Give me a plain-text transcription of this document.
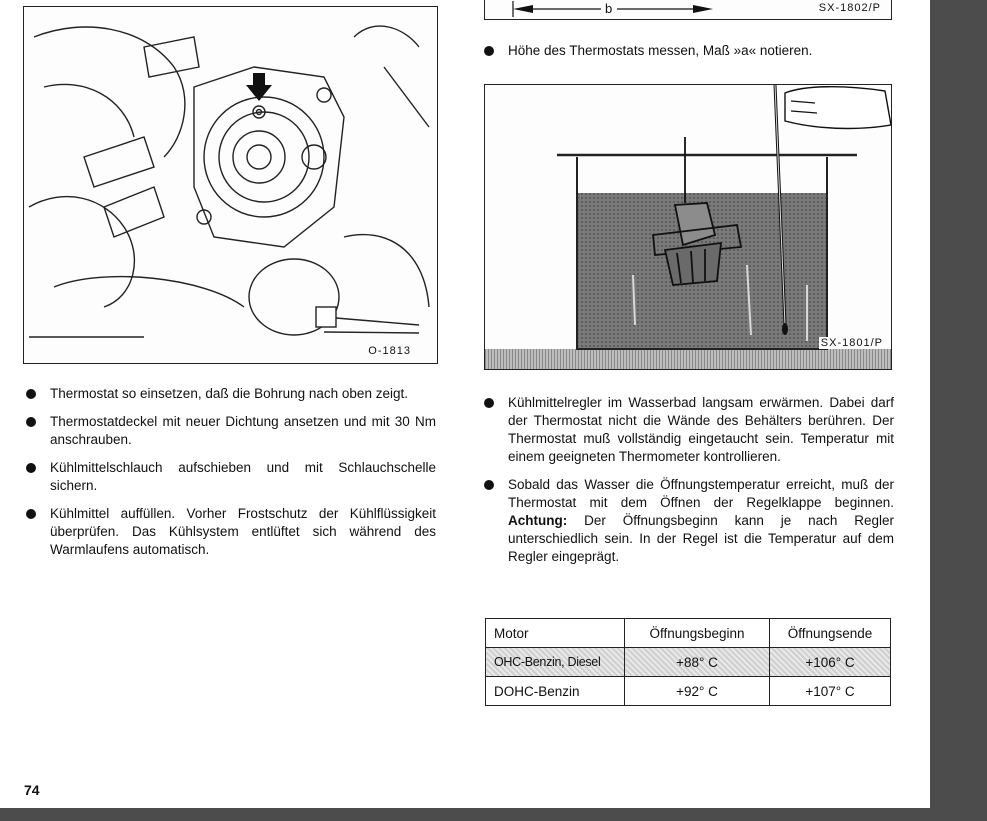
b	SX-1802/P
Höhe des Thermostats messen, Maß »a« notieren.
O-1813
SX-1801/P
Thermostat so einsetzen, daß die Bohrung nach oben zeigt.
Thermostatdeckel mit neuer Dichtung ansetzen und mit 30 Nm anschrauben.
Kühlmittelschlauch aufschieben und mit Schlauchschelle sichern.
Kühlmittel auffüllen. Vorher Frostschutz der Kühlflüssigkeit überprüfen. Das Kühlsystem entlüftet sich während des Warmlaufens automatisch.
Kühlmittelregler im Wasserbad langsam erwärmen. Dabei darf der Thermostat nicht die Wände des Behälters berühren. Der Thermostat muß vollständig eingetaucht sein. Temperatur mit einem geeigneten Thermometer kontrollieren.
Sobald das Wasser die Öffnungstemperatur erreicht, muß der Thermostat mit dem Öffnen der Regelklappe beginnen. Achtung: Der Öffnungsbeginn kann je nach Regler unterschiedlich sein. In der Regel ist die Temperatur auf dem Regler eingeprägt.
Motor	Öffnungsbeginn	Öffnungsende
OHC-Benzin, Diesel	+88° C	+106° C
DOHC-Benzin	+92° C	+107° C
74
